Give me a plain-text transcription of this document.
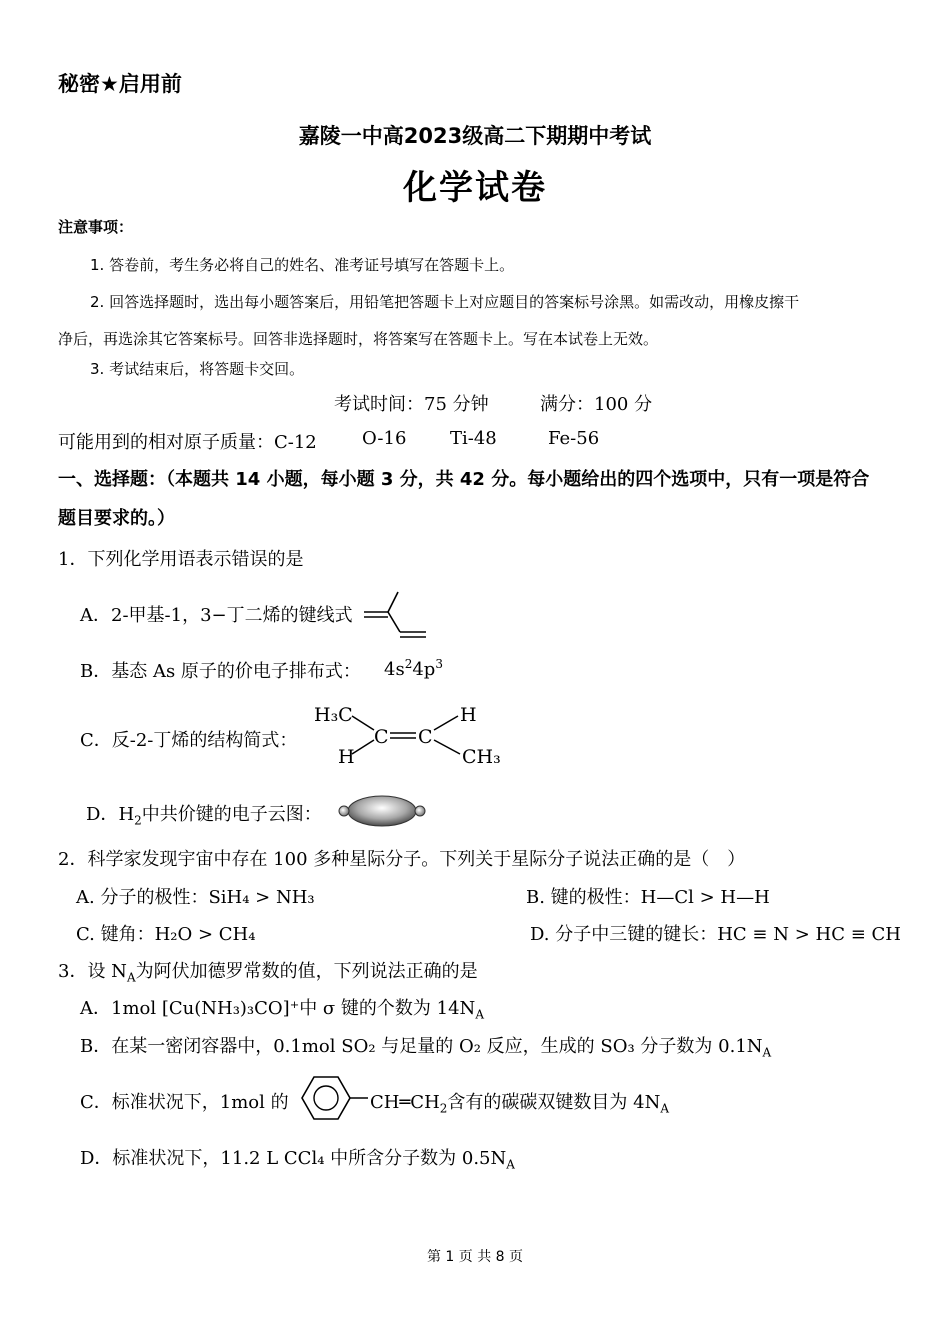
秘密★启用前
嘉陵一中高2023级高二下期期中考试
化学试卷
注意事项：
1. 答卷前，考生务必将自己的姓名、准考证号填写在答题卡上。
2. 回答选择题时，选出每小题答案后，用铅笔把答题卡上对应题目的答案标号涂黑。如需改动，用橡皮擦干
净后，再选涂其它答案标号。回答非选择题时，将答案写在答题卡上。写在本试卷上无效。
3. 考试结束后，将答题卡交回。
考试时间：75 分钟	满分：100 分
可能用到的相对原子质量：C-12	O-16 Ti-48	Fe-56
一、选择题：（本题共 14 小题，每小题 3 分，共 42 分。每小题给出的四个选项中，只有一项是符合
题目要求的。）
1．下列化学用语表示错误的是
A．2-甲基-1，3−丁二烯的键线式
B．基态 As 原子的价电子排布式： $4s^24p^3$
C．反-2-丁烯的结构简式：
H₃C
H
C C
H
CH₃
D．$H_2$中共价键的电子云图：
2．科学家发现宇宙中存在 100 多种星际分子。下列关于星际分子说法正确的是（　）
A. 分子的极性：SiH₄ > NH₃	B. 键的极性：H—Cl > H—H
C. 键角：H₂O > CH₄	D. 分子中三键的键长：HC ≡ N > HC ≡ CH
3．设 $N_A$为阿伏加德罗常数的值，下列说法正确的是
A．1mol [Cu(NH₃)₃CO]⁺中 σ 键的个数为 $14N_A$
B．在某一密闭容器中，0.1mol SO₂ 与足量的 O₂ 反应，生成的 SO₃ 分子数为 $0.1N_A$
C．标准状况下，1mol 的	$CH═CH_2$含有的碳碳双键数目为 $4N_A$
D．标准状况下，11.2 L CCl₄ 中所含分子数为 $0.5N_A$
第 1 页 共 8 页
